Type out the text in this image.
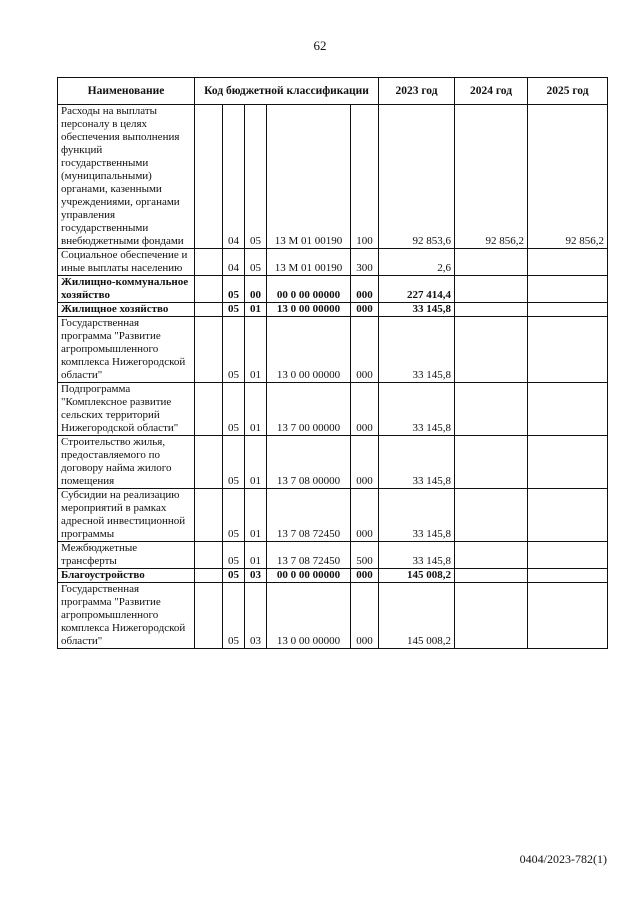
62
Наименование	Код бюджетной классификации					2023 год	2024 год	2025 год
Расходы на выплаты персоналу в целях обеспечения выполнения функций государственными (муниципальными) органами, казенными учреждениями, органами управления государственными внебюджетными фондами		04	05	13 М 01 00190	100	92 853,6	92 856,2	92 856,2
Социальное обеспечение и иные выплаты населению		04	05	13 М 01 00190	300	2,6		
Жилищно-коммунальное хозяйство		05	00	00 0 00 00000	000	227 414,4		
Жилищное хозяйство		05	01	13 0 00 00000	000	33 145,8		
Государственная программа "Развитие агропромышленного комплекса Нижегородской области"		05	01	13 0 00 00000	000	33 145,8		
Подпрограмма "Комплексное развитие сельских территорий Нижегородской области"		05	01	13 7 00 00000	000	33 145,8		
Строительство жилья, предоставляемого по договору найма жилого помещения		05	01	13 7 08 00000	000	33 145,8		
Субсидии на реализацию мероприятий в рамках адресной инвестиционной программы		05	01	13 7 08 72450	000	33 145,8		
Межбюджетные трансферты		05	01	13 7 08 72450	500	33 145,8		
Благоустройство		05	03	00 0 00 00000	000	145 008,2		
Государственная программа "Развитие агропромышленного комплекса Нижегородской области"		05	03	13 0 00 00000	000	145 008,2		
0404/2023-782(1)
